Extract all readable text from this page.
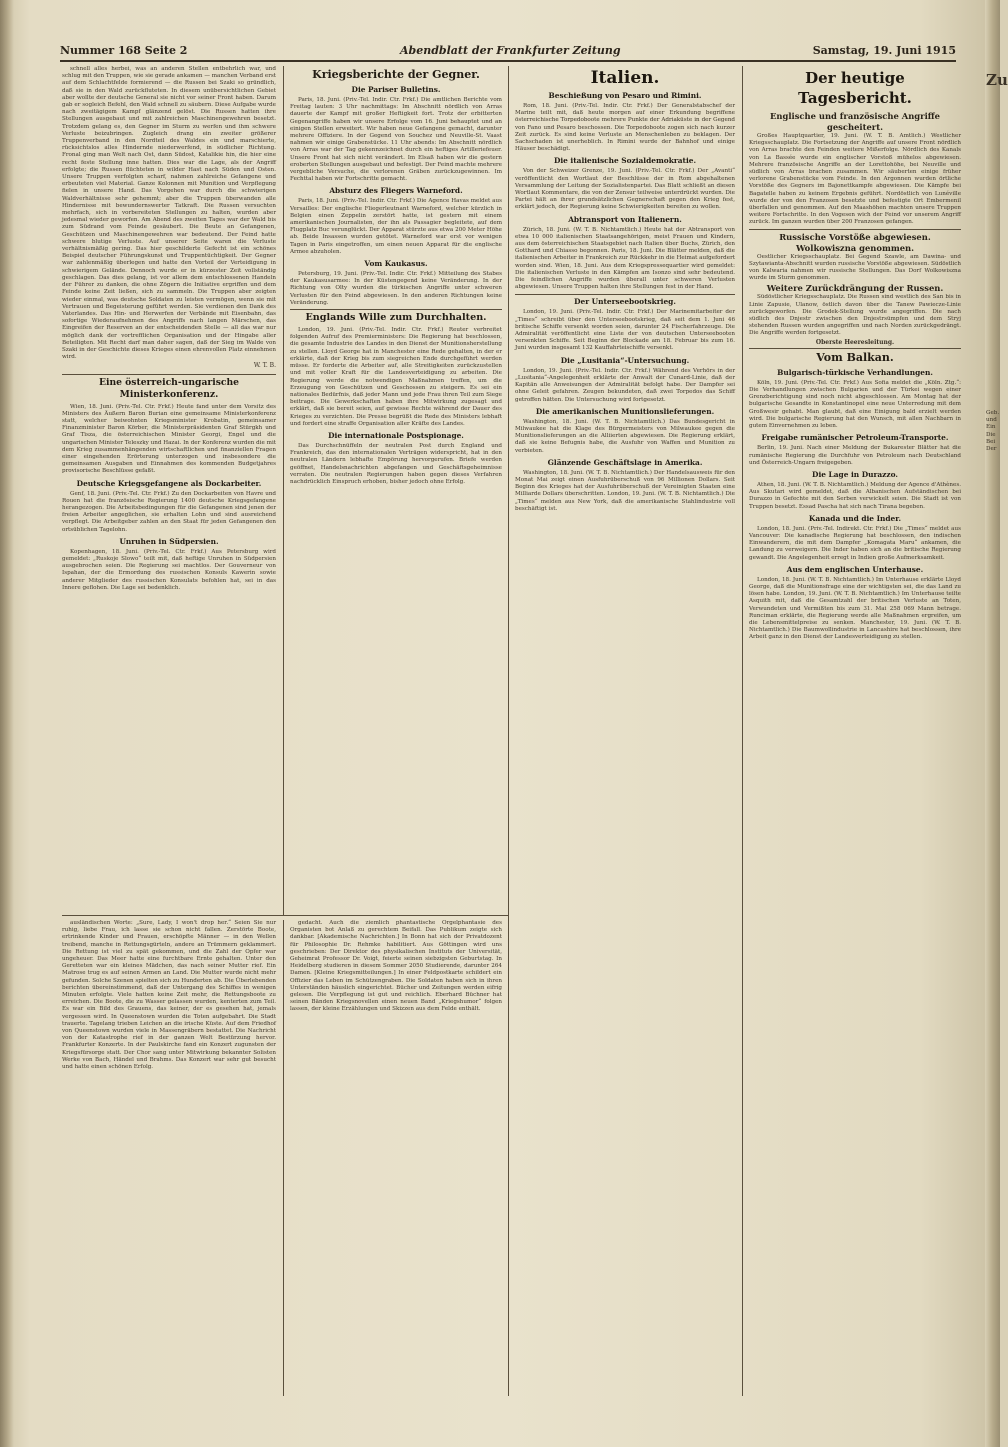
Nummer 168 Seite 2	Abendblatt der Frankfurter Zeitung	Samstag, 19. Juni 1915

schnell alles herbei, was an anderen Stellen entbehrlich war, und schlug mit den Truppen, wie sie gerade ankamen — manchen Verband erst auf dem Schlachtfelde formierend — die Russen bei Szaki so gründlich, daß sie in den Wald zurückfluteten. In diesem unübersichtlichen Gebiet aber wollte der deutsche General sie nicht vor seiner Front haben. Darum gab er sogleich Befehl, den Wald schnell zu säubern. Diese Aufgabe wurde nach zweitägigem Kampf glänzend gelöst. Die Russen hatten ihre Stellungen ausgebaut und mit zahlreichen Maschinengewehren besetzt. Trotzdem gelang es, den Gegner im Sturm zu werfen und ihm schwere Verluste beizubringen. Zugleich drang ein zweiter größerer Truppenverband in den Nordteil des Waldes ein und marschierte, rücksichtslos alles Hindernde niederwerfend, in südlicher Richtung. Fronal ging man Welt nach Ost, dann Südost, Katalikie hin, die hier eine recht feste Stellung inne hatten. Dies war die Lage, als der Angriff erfolgte; die Russen flüchteten in wilder Hast nach Süden und Osten. Unsere Truppen verfolgten scharf, nahmen zahlreiche Gefangene und erbeuteten viel Material. Ganze Kolonnen mit Munition und Verpflegung fielen in unsere Hand. Das Vorgehen war durch die schwierigen Waldverhältnisse sehr gehemmt; aber die Truppen überwanden alle Hindernisse mit bewundernswerter Tatkraft. Die Russen versuchten mehrfach, sich in vorbereiteten Stellungen zu halten, wurden aber jedesmal wieder geworfen. Am Abend des zweiten Tages war der Wald bis zum Südrand vom Feinde gesäubert. Die Beute an Gefangenen, Geschützen und Maschinengewehren war bedeutend. Der Feind hatte schwere blutige Verluste. Auf unserer Seite waren die Verluste verhältnismäßig gering. Das hier geschilderte Gefecht ist ein schönes Beispiel deutscher Führungskunst und Truppentüchtigkeit. Der Gegner war zahlenmäßig überlegen und hatte den Vorteil der Verteidigung in schwierigem Gelände. Dennoch wurde er in kürzester Zeit vollständig geschlagen. Das dies gelang, ist vor allem dem entschlossenen Handeln der Führer zu danken, die ohne Zögern die Initiative ergriffen und dem Feinde keine Zeit ließen, sich zu sammeln. Die Truppen aber zeigten wieder einmal, was deutsche Soldaten zu leisten vermögen, wenn sie mit Vertrauen und Begeisterung geführt werden. Sie verdienen den Dank des Vaterlandes. Das Hin- und Herwerfen der Verbände mit Eisenbahn, das sofortige Wiederaufnehmen des Angriffs nach langen Märschen, das Eingreifen der Reserven an der entscheidenden Stelle — all das war nur möglich dank der vortrefflichen Organisation und der Hingabe aller Beteiligten. Mit Recht darf man daher sagen, daß der Sieg im Walde von Szaki in der Geschichte dieses Krieges einen ehrenvollen Platz einnehmen wird.

W. T. B.
Eine österreich-ungarische Ministerkonferenz.

Wien, 18. Juni. (Priv.-Tel. Ctr. Frkf.) Heute fand unter dem Vorsitz des Ministers des Äußern Baron Burian eine gemeinsame Ministerkonferenz statt, welcher beiwohnten Kriegsminister Krobatin, gemeinsamer Finanzminister Baron Körber, die Ministerpräsidenten Graf Stürgkh und Graf Tisza, die österreichischen Minister Georgi, Engel und die ungarischen Minister Teleszky und Hazai. In der Konferenz wurden die mit dem Krieg zusammenhängenden wirtschaftlichen und finanziellen Fragen einer eingehenden Erörterung unterzogen und insbesondere die gemeinsamen Ausgaben und Einnahmen des kommenden Budgetjahres provisorische Beschlüsse gefaßt.

Deutsche Kriegsgefangene als Dockarbeiter.

Genf, 18. Juni. (Priv.-Tel. Ctr. Frkf.) Zu den Dockarbeiten von Havre und Rouen hat die französische Regierung 1400 deutsche Kriegsgefangene herangezogen. Die Arbeitsbedingungen für die Gefangenen sind jenen der freien Arbeiter angeglichen, sie erhalten Lohn und sind ausreichend verpflegt. Die Arbeitgeber zahlen an den Staat für jeden Gefangenen den ortsüblichen Tagelohn.

Unruhen in Südpersien.

Kopenhagen, 18. Juni. (Priv.-Tel. Ctr. Frkf.) Aus Petersburg wird gemeldet: „Ruskoje Slowo“ teilt mit, daß heftige Unruhen in Südpersien ausgebrochen seien. Die Regierung sei machtlos. Der Gouverneur von Ispahan, der die Ermordung des russischen Konsuls Kawerin sowie anderer Mitglieder des russischen Konsulats befohlen hat, sei in das Innere geflohen. Die Lage sei bedenklich.

Kriegsberichte der Gegner.
Die Pariser Bulletins.

Paris, 18. Juni. (Priv.-Tel. Indir. Ctr. Frkf.) Die amtlichen Berichte vom Freitag lauten: 3 Uhr nachmittags: Im Abschnitt nördlich von Arras dauerte der Kampf mit großer Heftigkeit fort. Trotz der erbitterten Gegenangriffe haben wir unsere Erfolge vom 16. Juni behauptet und an einigen Stellen erweitert. Wir haben neue Gefangene gemacht, darunter mehrere Offiziere. In der Gegend von Souchez und Neuville-St. Vaast nahmen wir einige Grabenstücke. 11 Uhr abends: Im Abschnitt nördlich von Arras war der Tag gekennzeichnet durch ein heftiges Artilleriefeuer. Unsere Front hat sich nicht verändert. Im Elsaß haben wir die gestern eroberten Stellungen ausgebaut und befestigt. Der Feind machte mehrere vergebliche Versuche, die verlorenen Gräben zurückzugewinnen. Im Fechttal haben wir Fortschritte gemacht.

Absturz des Fliegers Warneford.

Paris, 18. Juni. (Priv.-Tel. Indir. Ctr. Frkf.) Die Agence Havas meldet aus Versailles: Der englische Fliegerleutnant Warneford, welcher kürzlich in Belgien einen Zeppelin zerstört hatte, ist gestern mit einem amerikanischen Journalisten, der ihn als Passagier begleitete, auf dem Flugplatz Buc verunglückt. Der Apparat stürzte aus etwa 200 Meter Höhe ab. Beide Insassen wurden getötet. Warneford war erst vor wenigen Tagen in Paris eingetroffen, um einen neuen Apparat für die englische Armee abzuholen.

Vom Kaukasus.

Petersburg, 19. Juni. (Priv.-Tel. Indir. Ctr. Frkf.) Mitteilung des Stabes der Kaukasusarmee: In der Küstengegend keine Veränderung. In der Richtung von Olty wurden die türkischen Angriffe unter schweren Verlusten für den Feind abgewiesen. In den anderen Richtungen keine Veränderung.

Englands Wille zum Durchhalten.

London, 19. Juni. (Priv.-Tel. Indir. Ctr. Frkf.) Reuter verbreitet folgenden Aufruf des Premierministers: Die Regierung hat beschlossen, die gesamte Industrie des Landes in den Dienst der Munitionsherstellung zu stellen. Lloyd George hat in Manchester eine Rede gehalten, in der er erklärte, daß der Krieg bis zum siegreichen Ende durchgeführt werden müsse. Er forderte die Arbeiter auf, alle Streitigkeiten zurückzustellen und mit voller Kraft für die Landesverteidigung zu arbeiten. Die Regierung werde die notwendigen Maßnahmen treffen, um die Erzeugung von Geschützen und Geschossen zu steigern. Es sei ein nationales Bedürfnis, daß jeder Mann und jede Frau ihren Teil zum Siege beitrage. Die Gewerkschaften haben ihre Mitwirkung zugesagt und erklärt, daß sie bereit seien, auf gewisse Rechte während der Dauer des Krieges zu verzichten. Die Presse begrüßt die Rede des Ministers lebhaft und fordert eine straffe Organisation aller Kräfte des Landes.

Die internationale Postspionage.

Das Durchschnüffeln der neutralen Post durch England und Frankreich, das den internationalen Verträgen widerspricht, hat in den neutralen Ländern lebhafte Empörung hervorgerufen. Briefe werden geöffnet, Handelsnachrichten abgefangen und Geschäftsgeheimnisse verraten. Die neutralen Regierungen haben gegen dieses Verfahren nachdrücklich Einspruch erhoben, bisher jedoch ohne Erfolg.

ausländischen Worte: „Sure, Lady, I won't drop her.“ Seien Sie nur ruhig, liebe Frau, ich lasse sie schon nicht fallen. Zerstörte Boote, ertrinkende Kinder und Frauen, erschöpfte Männer — in den Wellen treibend, manche in Rettungsgürteln, andere an Trümmern geklammert. Die Rettung ist viel zu spät gekommen, und die Zahl der Opfer war ungeheuer. Das Meer hatte eine furchtbare Ernte gehalten. Unter den Geretteten war ein kleines Mädchen, das nach seiner Mutter rief. Ein Matrose trug es auf seinen Armen an Land. Die Mutter wurde nicht mehr gefunden. Solche Szenen spielten sich zu Hunderten ab. Die Überlebenden berichten übereinstimmend, daß der Untergang des Schiffes in wenigen Minuten erfolgte. Viele hatten keine Zeit mehr, die Rettungsboote zu erreichen. Die Boote, die zu Wasser gelassen wurden, kenterten zum Teil. Es war ein Bild des Grauens, das keiner, der es gesehen hat, jemals vergessen wird. In Queenstown wurden die Toten aufgebahrt. Die Stadt trauerte. Tagelang trieben Leichen an die irische Küste. Auf dem Friedhof von Queenstown wurden viele in Massengräbern bestattet. Die Nachricht von der Katastrophe rief in der ganzen Welt Bestürzung hervor. Frankfurter Konzerte. In der Paulskirche fand ein Konzert zugunsten der Kriegsfürsorge statt. Der Chor sang unter Mitwirkung bekannter Solisten Werke von Bach, Händel und Brahms. Das Konzert war sehr gut besucht und hatte einen schönen Erfolg.

gedacht. Auch die ziemlich phantastische Orgelphantasie des Organisten bot Anlaß zu gerechtem Beifall. Das Publikum zeigte sich dankbar. [Akademische Nachrichten.] In Bonn hat sich der Privatdozent für Philosophie Dr. Rehmke habilitiert. Aus Göttingen wird uns geschrieben: Der Direktor des physikalischen Instituts der Universität, Geheimrat Professor Dr. Voigt, feierte seinen siebzigsten Geburtstag. In Heidelberg studieren in diesem Sommer 2050 Studierende, darunter 264 Damen. [Kleine Kriegsmitteilungen.] In einer Feldpostkarte schildert ein Offizier das Leben im Schützengraben. Die Soldaten haben sich in ihren Unterständen häuslich eingerichtet. Bücher und Zeitungen werden eifrig gelesen. Die Verpflegung ist gut und reichlich. Eberhard Büchner hat seinen Bänden Kriegsnovellen einen neuen Band „Kriegshumor“ folgen lassen, der kleine Erzählungen und Skizzen aus dem Felde enthält.

Italien.
Beschießung von Pesaro und Rimini.

Rom, 18. Juni. (Priv.-Tel. Indir. Ctr. Frkf.) Der Generalstabschef der Marine teilt mit, daß heute morgen auf einer Erkundung begriffene österreichische Torpedoboote mehrere Punkte der Adriaküste in der Gegend von Fano und Pesaro beschossen. Die Torpedoboote zogen sich nach kurzer Zeit zurück. Es sind keine Verluste an Menschenleben zu beklagen. Der Sachschaden ist unerheblich. In Rimini wurde der Bahnhof und einige Häuser beschädigt.

Die italienische Sozialdemokratie.

Von der Schweizer Grenze, 19. Juni. (Priv.-Tel. Ctr. Frkf.) Der „Avanti“ veröffentlicht den Wortlaut der Beschlüsse der in Rom abgehaltenen Versammlung der Leitung der Sozialistenpartei. Das Blatt schließt an diesen Wortlaut Kommentare, die von der Zensur teilweise unterdrückt wurden. Die Partei hält an ihrer grundsätzlichen Gegnerschaft gegen den Krieg fest, erklärt jedoch, der Regierung keine Schwierigkeiten bereiten zu wollen.

Abtransport von Italienern.

Zürich, 18. Juni. (W. T. B. Nichtamtlich.) Heute hat der Abtransport von etwa 10 000 italienischen Staatsangehörigen, meist Frauen und Kindern, aus dem österreichischen Staatsgebiet nach Italien über Buchs, Zürich, den Gotthard und Chiasso begonnen. Paris, 18. Juni. Die Blätter melden, daß die italienischen Arbeiter in Frankreich zur Rückkehr in die Heimat aufgefordert worden sind. Wien, 18. Juni. Aus dem Kriegspressequartier wird gemeldet: Die italienischen Verluste in den Kämpfen am Isonzo sind sehr bedeutend. Die feindlichen Angriffe wurden überall unter schweren Verlusten abgewiesen. Unsere Truppen halten ihre Stellungen fest in der Hand.

Der Unterseebootskrieg.

London, 19. Juni. (Priv.-Tel. Indir. Ctr. Frkf.) Der Marinemitarbeiter der „Times“ schreibt über den Unterseebootskrieg, daß seit dem 1. Juni 46 britische Schiffe versenkt worden seien, darunter 24 Fischerfahrzeuge. Die Admiralität veröffentlicht eine Liste der von deutschen Unterseebooten versenkten Schiffe. Seit Beginn der Blockade am 18. Februar bis zum 16. Juni wurden insgesamt 132 Kauffahrteischiffe versenkt.

Die „Lusitania“-Untersuchung.

London, 19. Juni. (Priv.-Tel. Indir. Ctr. Frkf.) Während des Verhörs in der „Lusitania“-Angelegenheit erklärte der Anwalt der Cunard-Linie, daß der Kapitän alle Anweisungen der Admiralität befolgt habe. Der Dampfer sei ohne Geleit gefahren. Zeugen bekundeten, daß zwei Torpedos das Schiff getroffen hätten. Die Untersuchung wird fortgesetzt.

Die amerikanischen Munitionslieferungen.

Washington, 18. Juni. (W. T. B. Nichtamtlich.) Das Bundesgericht in Milwaukee hat die Klage des Bürgermeisters von Milwaukee gegen die Munitionslieferungen an die Alliierten abgewiesen. Die Regierung erklärt, daß sie keine Befugnis habe, die Ausfuhr von Waffen und Munition zu verbieten.

Glänzende Geschäftslage in Amerika.

Washington, 18. Juni. (W. T. B. Nichtamtlich.) Der Handelsausweis für den Monat Mai zeigt einen Ausfuhrüberschuß von 96 Millionen Dollars. Seit Beginn des Krieges hat der Ausfuhrüberschuß der Vereinigten Staaten eine Milliarde Dollars überschritten. London, 19. Juni. (W. T. B. Nichtamtlich.) Die „Times“ melden aus New York, daß die amerikanische Stahlindustrie voll beschäftigt ist.

Der heutige Tagesbericht.
Englische und französische Angriffe gescheitert.

Großes Hauptquartier, 19. Juni. (W. T. B. Amtlich.) Westlicher Kriegsschauplatz. Die Fortsetzung der Angriffe auf unsere Front nördlich von Arras brachte den Feinden weitere Mißerfolge. Nördlich des Kanals von La Bassée wurde ein englischer Vorstoß mühelos abgewiesen. Mehrere französische Angriffe an der Lorettohöhe, bei Neuville und südlich von Arras brachen zusammen. Wir säuberten einige früher verlorene Grabenstücke vom Feinde. In den Argonnen wurden örtliche Vorstöße des Gegners im Bajonettkampfe abgewiesen. Die Kämpfe bei Bagatelle haben zu keinem Ergebnis geführt. Nordöstlich von Lunéville wurde der von den Franzosen besetzte und befestigte Ort Embermenil überfallen und genommen. Auf den Maashöhen machten unsere Truppen weitere Fortschritte. In den Vogesen wich der Feind vor unserem Angriff zurück. Im ganzen wurden über 200 Franzosen gefangen.

Russische Vorstöße abgewiesen. Wolkowiszna genommen.

Oestlicher Kriegsschauplatz. Bei Gegend Szawle, am Dawina- und Szytawianta-Abschnitt wurden russische Vorstöße abgewiesen. Südöstlich von Kalwaria nahmen wir russische Stellungen. Das Dorf Wolkowiszna wurde im Sturm genommen.

Weitere Zurückdrängung der Russen.

Südöstlicher Kriegsschauplatz. Die Russen sind westlich des San bis in Linie Zapusie, Ulanow, östlich davon über die Tanew Pawiecze-Linie zurückgeworfen. Die Grodek-Stellung wurde angegriffen. Die nach südlich des Dnjestr zwischen den Dnjestrsümpfen und dem Stryj stehenden Russen wurden angegriffen und nach Norden zurückgedrängt. Die Angriffe werden fortgesetzt.

Oberste Heeresleitung.
Vom Balkan.
Bulgarisch-türkische Verhandlungen.

Köln, 19. Juni. (Priv.-Tel. Ctr. Frkf.) Aus Sofia meldet die „Köln. Ztg.“: Die Verhandlungen zwischen Bulgarien und der Türkei wegen einer Grenzberichtigung sind noch nicht abgeschlossen. Am Montag hat der bulgarische Gesandte in Konstantinopel eine neue Unterredung mit dem Großwesir gehabt. Man glaubt, daß eine Einigung bald erzielt werden wird. Die bulgarische Regierung hat den Wunsch, mit allen Nachbarn in gutem Einvernehmen zu leben.

Freigabe rumänischer Petroleum-Transporte.

Berlin, 19. Juni. Nach einer Meldung der Bukarester Blätter hat die rumänische Regierung die Durchfuhr von Petroleum nach Deutschland und Österreich-Ungarn freigegeben.

Die Lage in Durazzo.

Athen, 18. Juni. (W. T. B. Nichtamtlich.) Meldung der Agence d'Athènes. Aus Skutari wird gemeldet, daß die Albanischen Aufständischen bei Durazzo in Gefechte mit den Serben verwickelt seien. Die Stadt ist von Truppen besetzt. Essad Pascha hat sich nach Tirana begeben.

Kanada und die Inder.

London, 18. Juni. (Priv.-Tel. Indirekt. Ctr. Frkf.) Die „Times“ meldet aus Vancouver: Die kanadische Regierung hat beschlossen, den indischen Einwanderern, die mit dem Dampfer „Komagata Maru“ ankamen, die Landung zu verweigern. Die Inder haben sich an die britische Regierung gewandt. Die Angelegenheit erregt in Indien große Aufmerksamkeit.

Aus dem englischen Unterhause.

London, 18. Juni. (W. T. B. Nichtamtlich.) Im Unterhause erklärte Lloyd George, daß die Munitionsfrage eine der wichtigsten sei, die das Land zu lösen habe. London, 19. Juni. (W. T. B. Nichtamtlich.) Im Unterhause teilte Asquith mit, daß die Gesamtzahl der britischen Verluste an Toten, Verwundeten und Vermißten bis zum 31. Mai 258 069 Mann betrage. Runciman erklärte, die Regierung werde alle Maßnahmen ergreifen, um die Lebensmittelpreise zu senken. Manchester, 19. Juni. (W. T. B. Nichtamtlich.) Die Baumwollindustrie in Lancashire hat beschlossen, ihre Arbeit ganz in den Dienst der Landesverteidigung zu stellen.

Zu
Geb. und Ein Die Bei Der
